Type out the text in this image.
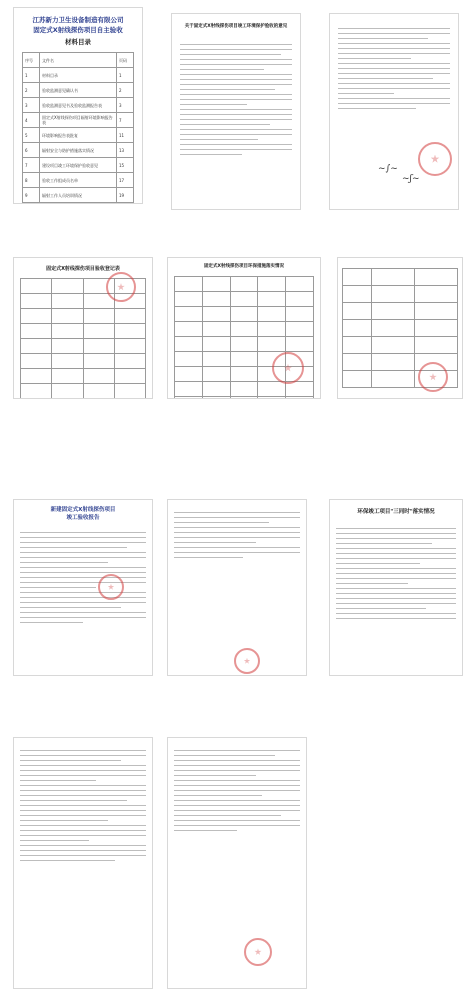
江苏新力卫生设备制造有限公司
固定式X射线探伤项目自主验收
材料目录
序号	文件名	页码
1	材料目录	1
2	验收监测意见确认书	2
3	验收监测意见书及验收监测报告表	3
4	固定式X射线探伤项目辐射环境影响报告表	7
5	环境影响报告表批复	11
6	辐射安全与防护措施落实情况	13
7	建设项目竣工环境保护验收意见	15
8	验收工作组成员名单	17
9	辐射工作人员培训情况	19
关于固定式X射线探伤项目竣工环境保护验收的意见
~∫~
~ʃ~
固定式X射线探伤项目验收登记表

				固定式X射线探伤项目环保措施落实情况

新建固定式X射线探伤项目
竣工验收报告
环保竣工项目"三同时"落实情况
